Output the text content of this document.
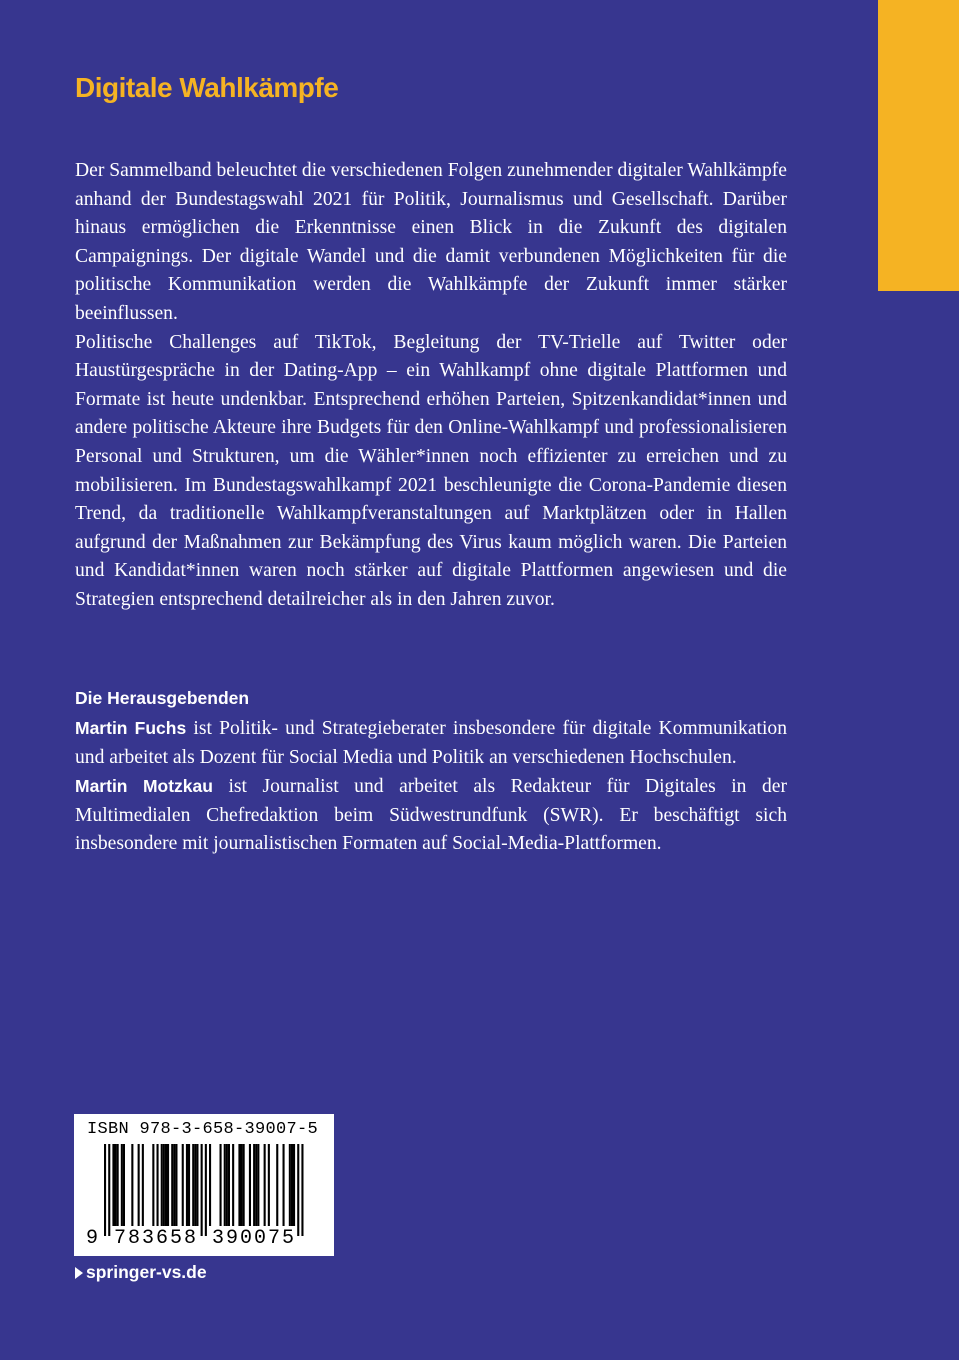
Digitale Wahlkämpfe

Der Sammelband beleuchtet die verschiedenen Folgen zunehmender digitaler Wahlkämpfe anhand der Bundestagswahl 2021 für Politik, Journalismus und Gesellschaft. Darüber hinaus ermöglichen die Erkenntnisse einen Blick in die Zukunft des digitalen Campaignings. Der digitale Wandel und die damit verbundenen Möglichkeiten für die politische Kommunikation werden die Wahlkämpfe der Zukunft immer stärker beeinflussen.

Politische Challenges auf TikTok, Begleitung der TV-Trielle auf Twitter oder Haustürgespräche in der Dating-App – ein Wahlkampf ohne digitale Plattformen und Formate ist heute undenkbar. Entsprechend erhöhen Parteien, Spitzenkandidat*innen und andere politische Akteure ihre Budgets für den Online-Wahlkampf und professionalisieren Personal und Strukturen, um die Wähler*innen noch effizienter zu erreichen und zu mobilisieren. Im Bundestagswahlkampf 2021 beschleunigte die Corona-Pandemie diesen Trend, da traditionelle Wahlkampfveranstaltungen auf Marktplätzen oder in Hallen aufgrund der Maßnahmen zur Bekämpfung des Virus kaum möglich waren. Die Parteien und Kandidat*innen waren noch stärker auf digitale Plattformen angewiesen und die Strategien entsprechend detailreicher als in den Jahren zuvor.

Die Herausgebenden

Martin Fuchs ist Politik- und Strategieberater insbesondere für digitale Kommunikation und arbeitet als Dozent für Social Media und Politik an verschiedenen Hochschulen.

Martin Motzkau ist Journalist und arbeitet als Redakteur für Digitales in der Multimedialen Chefredaktion beim Südwestrundfunk (SWR). Er beschäftigt sich insbesondere mit journalistischen Formaten auf Social-Media-Plattformen.

ISBN 978-3-658-39007-5
9 783658 390075
springer-vs.de
